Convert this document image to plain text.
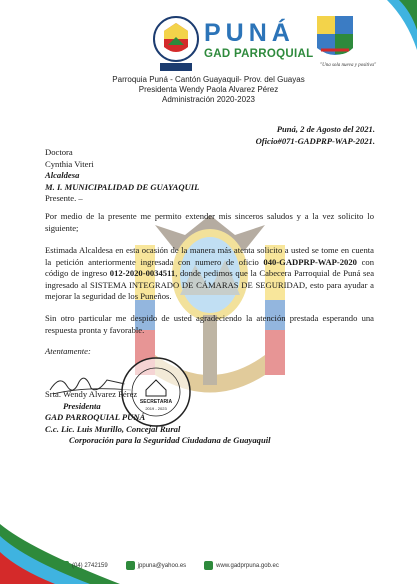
PUNÁ
GAD PARROQUIAL
"Una sola nueva y positiva"
Parroquia Puná - Cantón Guayaquil- Prov. del Guayas
Presidenta Wendy Paola Alvarez Pérez
Administración 2020-2023
Puná, 2 de Agosto del 2021.
Oficio#071-GADPRP-WAP-2021.
Doctora
Cynthia Viteri
Alcaldesa
M. I. MUNICIPALIDAD DE GUAYAQUIL
Presente. –
Por medio de la presente me permito extender mis sinceros saludos y a la vez solicito lo siguiente;
Estimada Alcaldesa en esta ocasión de la manera más atenta solicito a usted se tome en cuenta la petición anteriormente ingresada con numero de oficio 040-GADPRP-WAP-2020 con código de ingreso 012-2020-0034511, donde pedimos que la Cabecera Parroquial de Puná sea ingresado al SISTEMA INTEGRADO DE CÁMARAS DE SEGURIDAD, esto para ayudar a mejorar la seguridad de los Puneños.
Sin otro particular me despido de usted agradeciendo la atención prestada esperando una respuesta pronta y favorable.
Atentamente:
SECRETARIA
2019 - 2023
Srta. Wendy Alvarez Pérez
Presidenta
GAD PARROQUIAL PUNÁ
C.c. Lic. Luis Murillo, Concejal Rural
Corporación para la Seguridad Ciudadana de Guayaquil
(04) 2742159	jppuna@yahoo.es	www.gadprpuna.gob.ec
